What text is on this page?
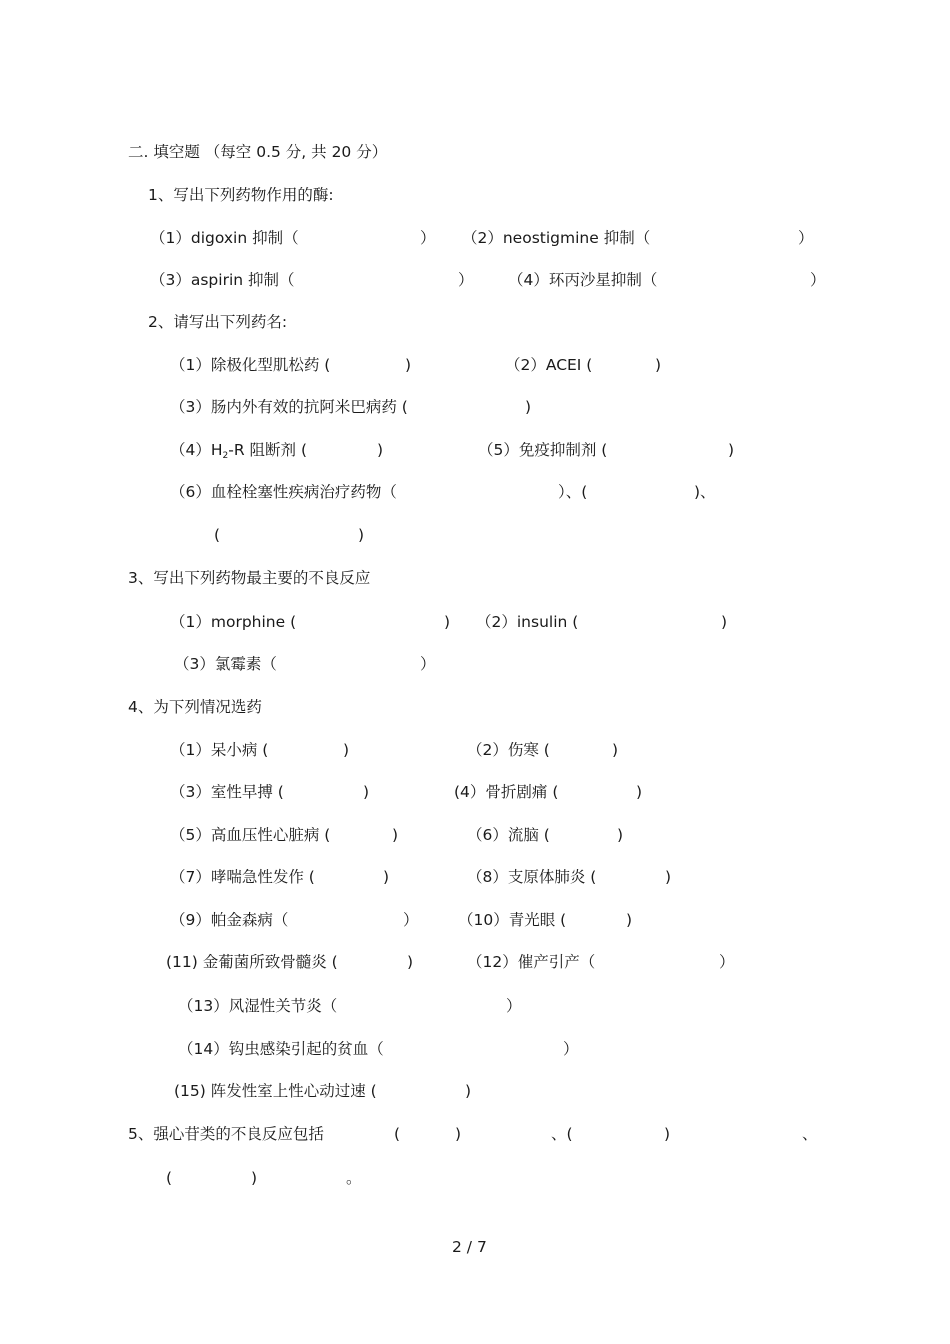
二. 填空题 （每空 0.5 分, 共 20 分）
1、写出下列药物作用的酶:
（1）digoxin 抑制（	） （2）neostigmine 抑制（	）
（3）aspirin 抑制（	） （4）环丙沙星抑制（	）
2、请写出下列药名:
（1）除极化型肌松药 (	)	（2）ACEI (	)
（3）肠内外有效的抗阿米巴病药 (	)
$(4)H_2-R$ 阻断剂 (	)	（5）免疫抑制剂 (	)
（6）血栓栓塞性疾病治疗药物（	）、(	)、
(	)
3、写出下列药物最主要的不良反应
（1）morphine (	) （2）insulin (	)
（3）氯霉素（	）
4、为下列情况选药
（1）呆小病 (	)	（2）伤寒 (	)
（3）室性早搏 (	)	(4）骨折剧痛 (	)
（5）高血压性心脏病 (	)	（6）流脑 (	)
（7）哮喘急性发作 (	)	（8）支原体肺炎 (	)
（9）帕金森病（	）	（10）青光眼 (	)
(11) 金葡菌所致骨髓炎 (	)	（12）催产引产（	）
（13）风湿性关节炎（	）
（14）钩虫感染引起的贫血（	）
(15) 阵发性室上性心动过速 (	)
5、强心苷类的不良反应包括	(	)	、(	)	、
(	)	。
2 / 7
